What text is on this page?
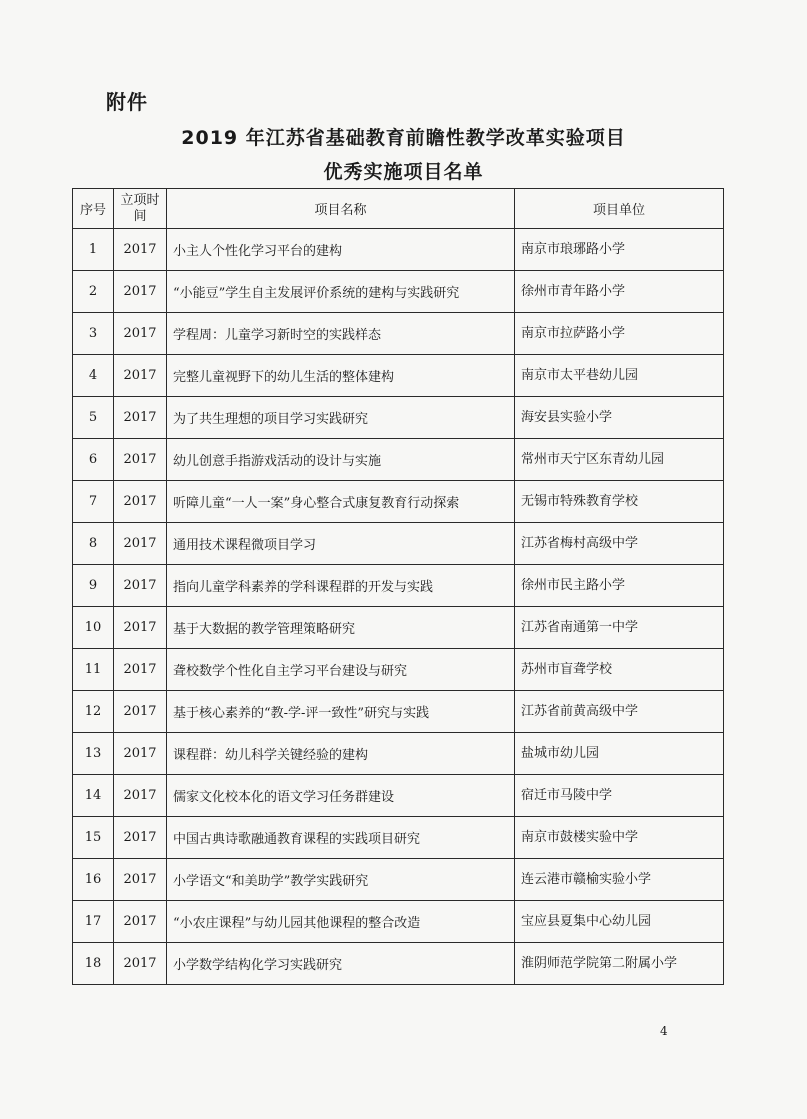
附件
2019 年江苏省基础教育前瞻性教学改革实验项目
优秀实施项目名单
序号	立项时间	项目名称	项目单位
1	2017	小主人个性化学习平台的建构	南京市琅琊路小学
2	2017	“小能豆”学生自主发展评价系统的建构与实践研究	徐州市青年路小学
3	2017	学程周：儿童学习新时空的实践样态	南京市拉萨路小学
4	2017	完整儿童视野下的幼儿生活的整体建构	南京市太平巷幼儿园
5	2017	为了共生理想的项目学习实践研究	海安县实验小学
6	2017	幼儿创意手指游戏活动的设计与实施	常州市天宁区东青幼儿园
7	2017	听障儿童“一人一案”身心整合式康复教育行动探索	无锡市特殊教育学校
8	2017	通用技术课程微项目学习	江苏省梅村高级中学
9	2017	指向儿童学科素养的学科课程群的开发与实践	徐州市民主路小学
10	2017	基于大数据的教学管理策略研究	江苏省南通第一中学
11	2017	聋校数学个性化自主学习平台建设与研究	苏州市盲聋学校
12	2017	基于核心素养的“教-学-评一致性”研究与实践	江苏省前黄高级中学
13	2017	课程群：幼儿科学关键经验的建构	盐城市幼儿园
14	2017	儒家文化校本化的语文学习任务群建设	宿迁市马陵中学
15	2017	中国古典诗歌融通教育课程的实践项目研究	南京市鼓楼实验中学
16	2017	小学语文“和美助学”教学实践研究	连云港市赣榆实验小学
17	2017	“小农庄课程”与幼儿园其他课程的整合改造	宝应县夏集中心幼儿园
18	2017	小学数学结构化学习实践研究	淮阴师范学院第二附属小学
4
